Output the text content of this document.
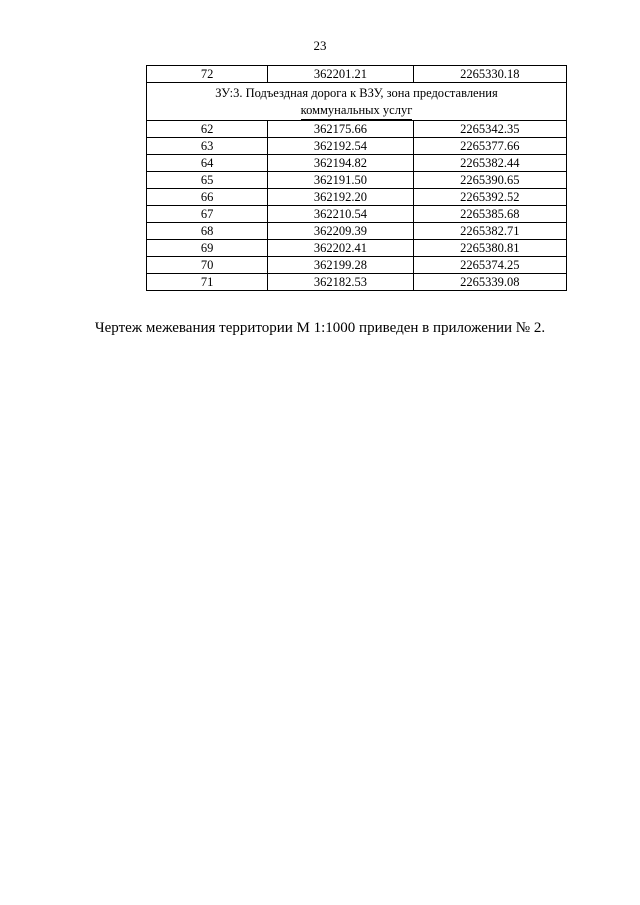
23
72	362201.21	2265330.18
ЗУ:3. Подъездная дорога к ВЗУ, зона предоставления
коммунальных услуг		
62	362175.66	2265342.35
63	362192.54	2265377.66
64	362194.82	2265382.44
65	362191.50	2265390.65
66	362192.20	2265392.52
67	362210.54	2265385.68
68	362209.39	2265382.71
69	362202.41	2265380.81
70	362199.28	2265374.25
71	362182.53	2265339.08
Чертеж межевания территории М 1:1000 приведен в приложении № 2.
